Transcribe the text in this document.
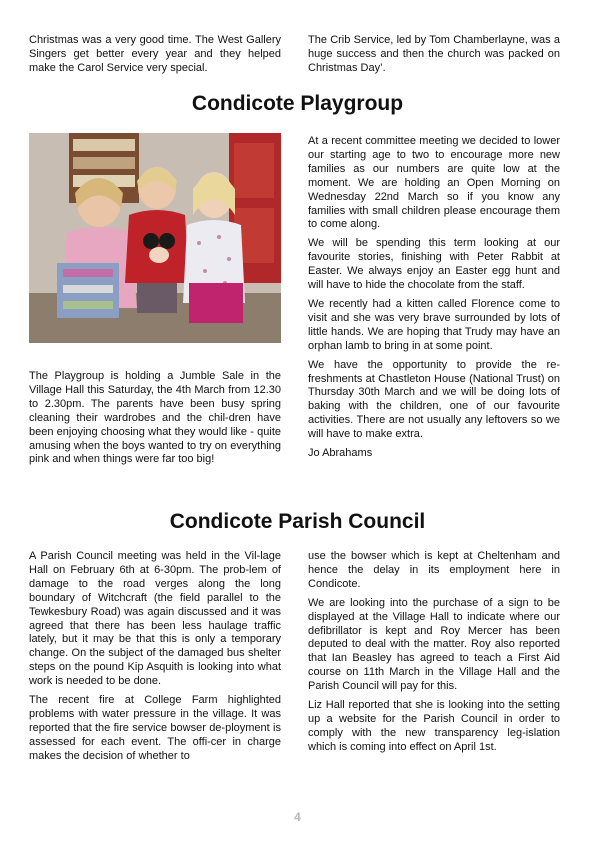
Christmas was a very good time. The West Gallery Singers get better every year and they helped make the Carol Service very special.

The Crib Service, led by Tom Chamberlayne, was a huge success and then the church was packed on Christmas Day’.

Condicote Playgroup

The Playgroup is holding a Jumble Sale in the Village Hall this Saturday, the 4th March from 12.30 to 2.30pm. The parents have been busy spring cleaning their wardrobes and the chil-dren have been enjoying choosing what they would like - quite amusing when the boys wanted to try on everything pink and when things were far too big!

At a recent committee meeting we decided to lower our starting age to two to encourage more new families as our numbers are quite low at the moment. We are holding an Open Morning on Wednesday 22nd March so if you know any families with small children please encourage them to come along.

We will be spending this term looking at our favourite stories, finishing with Peter Rabbit at Easter. We always enjoy an Easter egg hunt and will have to hide the chocolate from the staff.

We recently had a kitten called Florence come to visit and she was very brave surrounded by lots of little hands. We are hoping that Trudy may have an orphan lamb to bring in at some point.

We have the opportunity to provide the re-freshments at Chastleton House (National Trust) on Thursday 30th March and we will be doing lots of baking with the children, one of our favourite activities. There are not usually any leftovers so we will have to make extra.

Jo Abrahams

Condicote Parish Council

A Parish Council meeting was held in the Vil-lage Hall on February 6th at 6-30pm. The prob-lem of damage to the road verges along the long boundary of Witchcraft (the field parallel to the Tewkesbury Road) was again discussed and it was agreed that there has been less haulage traffic lately, but it may be that this is only a temporary change. On the subject of the damaged bus shelter steps on the pound Kip Asquith is looking into what work is needed to be done.

The recent fire at College Farm highlighted problems with water pressure in the village. It was reported that the fire service bowser de-ployment is assessed for each event. The offi-cer in charge makes the decision of whether to

use the bowser which is kept at Cheltenham and hence the delay in its employment here in Condicote.

We are looking into the purchase of a sign to be displayed at the Village Hall to indicate where our defibrillator is kept and Roy Mercer has been deputed to deal with the matter. Roy also reported that Ian Beasley has agreed to teach a First Aid course on 11th March in the Village Hall and the Parish Council will pay for this.

Liz Hall reported that she is looking into the setting up a website for the Parish Council in order to comply with the new transparency leg-islation which is coming into effect on April 1st.

4
